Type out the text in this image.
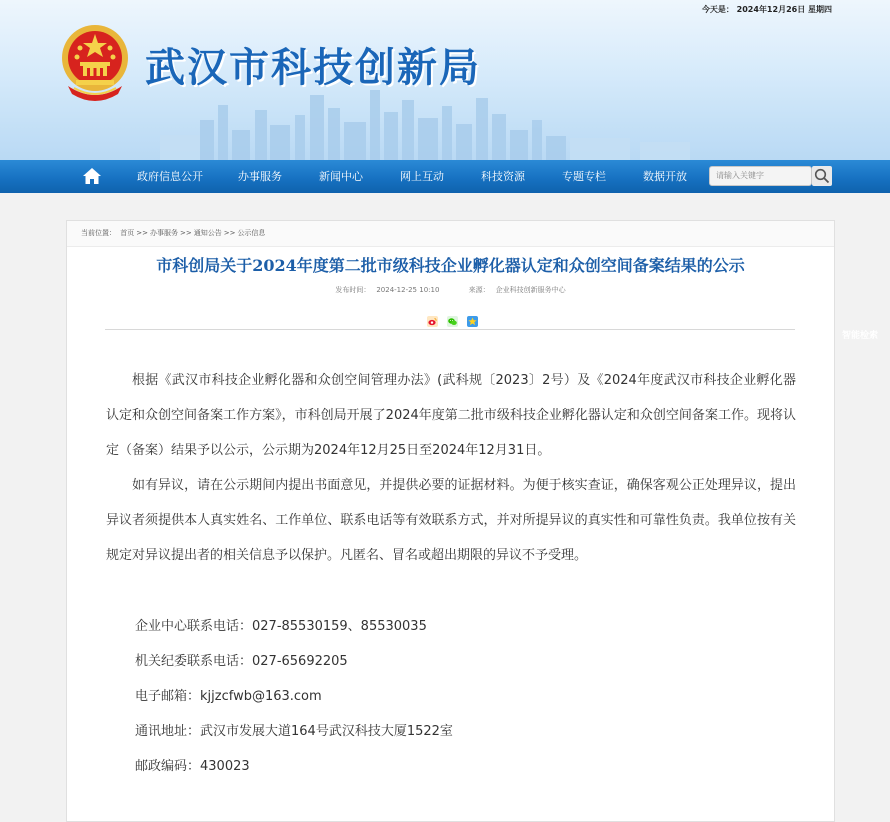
今天是： 2024年12月26日 星期四
武汉市科技创新局
政府信息公开	办事服务	新闻中心	网上互动	科技资源	专题专栏	数据开放
智能检索
请输入关键字
当前位置： 首页 >> 办事服务 >> 通知公告 >> 公示信息
市科创局关于2024年度第二批市级科技企业孵化器认定和众创空间备案结果的公示
发布时间： 2024-12-25 10:10	来源： 企业科技创新服务中心

根据《武汉市科技企业孵化器和众创空间管理办法》(武科规〔2023〕2号）及《2024年度武汉市科技企业孵化器认定和众创空间备案工作方案》，市科创局开展了2024年度第二批市级科技企业孵化器认定和众创空间备案工作。现将认定（备案）结果予以公示，公示期为2024年12月25日至2024年12月31日。

如有异议，请在公示期间内提出书面意见，并提供必要的证据材料。为便于核实查证，确保客观公正处理异议，提出异议者须提供本人真实姓名、工作单位、联系电话等有效联系方式，并对所提异议的真实性和可靠性负责。我单位按有关规定对异议提出者的相关信息予以保护。凡匿名、冒名或超出期限的异议不予受理。

企业中心联系电话：027-85530159、85530035
机关纪委联系电话：027-65692205
电子邮箱：kjjzcfwb@163.com
通讯地址：武汉市发展大道164号武汉科技大厦1522室
邮政编码：430023
